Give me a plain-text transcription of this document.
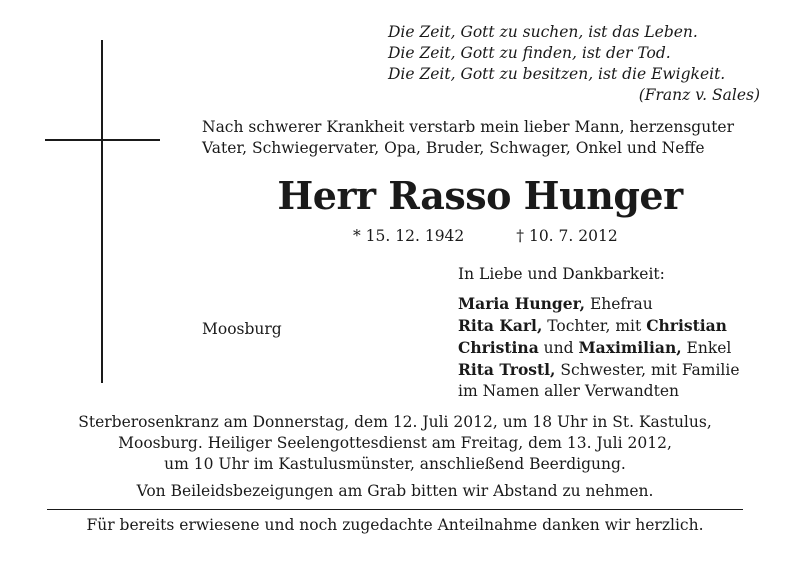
Die Zeit, Gott zu suchen, ist das Leben.
Die Zeit, Gott zu finden, ist der Tod.
Die Zeit, Gott zu besitzen, ist die Ewigkeit.
(Franz v. Sales)
Nach schwerer Krankheit verstarb mein lieber Mann, herzensguter
Vater, Schwiegervater, Opa, Bruder, Schwager, Onkel und Neffe
Herr Rasso Hunger
* 15. 12. 1942	† 10. 7. 2012
Moosburg
In Liebe und Dankbarkeit:
Maria Hunger, Ehefrau
Rita Karl, Tochter, mit Christian
Christina und Maximilian, Enkel
Rita Trostl, Schwester, mit Familie
im Namen aller Verwandten
Sterberosenkranz am Donnerstag, dem 12. Juli 2012, um 18 Uhr in St. Kastulus,
Moosburg. Heiliger Seelengottesdienst am Freitag, dem 13. Juli 2012,
um 10 Uhr im Kastulusmünster, anschließend Beerdigung.
Von Beileidsbezeigungen am Grab bitten wir Abstand zu nehmen.
Für bereits erwiesene und noch zugedachte Anteilnahme danken wir herzlich.
